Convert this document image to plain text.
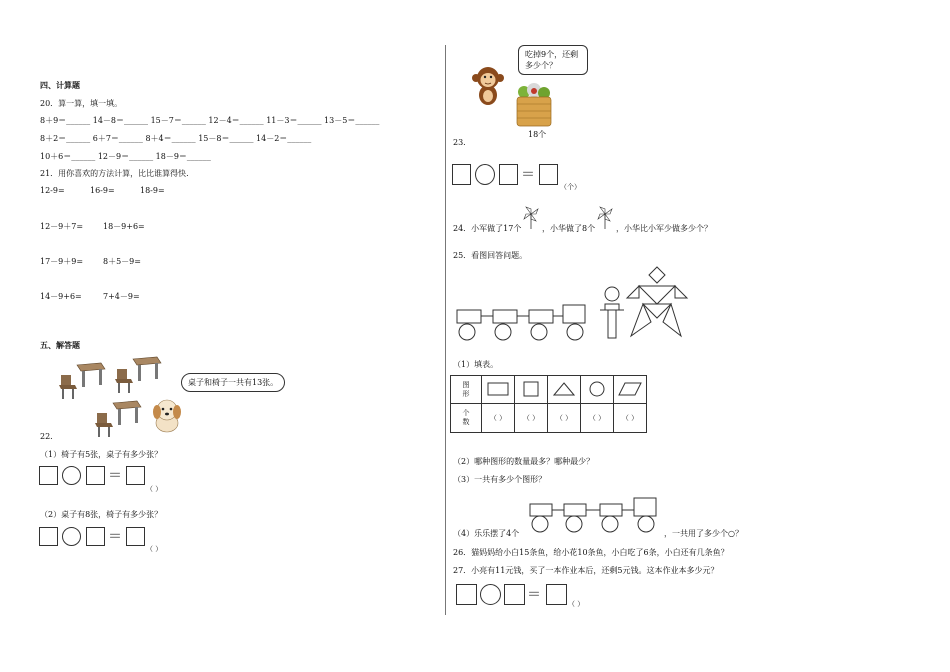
四、计算题
20．算一算，填一填。
8＋9＝______ 14－8＝______ 15－7＝______ 12－4＝______ 11－3＝______ 13－5＝______
8＋2＝______ 6＋7＝______ 8＋4＝______ 15－8＝______ 14－2＝______
10＋6＝______ 12－9＝______ 18－9＝______
21．用你喜欢的方法计算，比比谁算得快.
12-9=	16-9=	18-9=
12－9＋7= 18－9+6=
17－9＋9= 8＋5－9=
14－9+6=	7+4－9=
五、解答题
桌子和椅子一共有13张。
22.
（1）椅子有5张，桌子有多少张？
＝
（ ）
（2）桌子有8张，椅子有多少张？
＝
（ ）
吃掉9个，还剩多少个？
18个
23.
＝
（个）
24．小军做了17个	，小华做了8个	，小华比小军少做多少个？
25．看图回答问题。
（1）填表。
图形					
个数	（ ）	（ ）	（ ）	（ ）	（ ）
（2）哪种图形的数量最多？哪种最少？
（3）一共有多少个图形？
（4）乐乐摆了4个	，一共用了多少个○？
26．猫妈妈给小白15条鱼，给小花10条鱼，小白吃了6条，小白还有几条鱼？
27．小亮有11元钱，买了一本作业本后，还剩5元钱。这本作业本多少元？
＝
（ ）
